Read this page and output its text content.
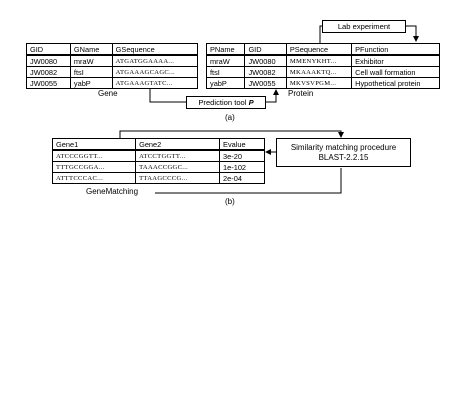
GID	GName	GSequence
JW0080	mraW	ATGATGGAAAA...
JW0082	ftsI	ATGAAAGCAGC...
JW0055	yabP	ATGAAAGTATC...
Gene
Lab experiment
PName	GID	PSequence	PFunction
mraW	JW0080	MMENYKHT...	Exhibitor
ftsI	JW0082	MKAAAKTQ...	Cell wall formation
yabP	JW0055	MKVSVPGM...	Hypothetical protein
Protein
Prediction tool P
(a)
Gene1	Gene2	Evalue
ATCCCGGTT...	ATCCTGGTT...	3e-20
TTTGCCGGA...	TAAACCGGC...	1e-102
ATTTCCCAC...	TTAAGCCCG...	2e-04
GeneMatching
Similarity matching procedure
BLAST-2.2.15
(b)
